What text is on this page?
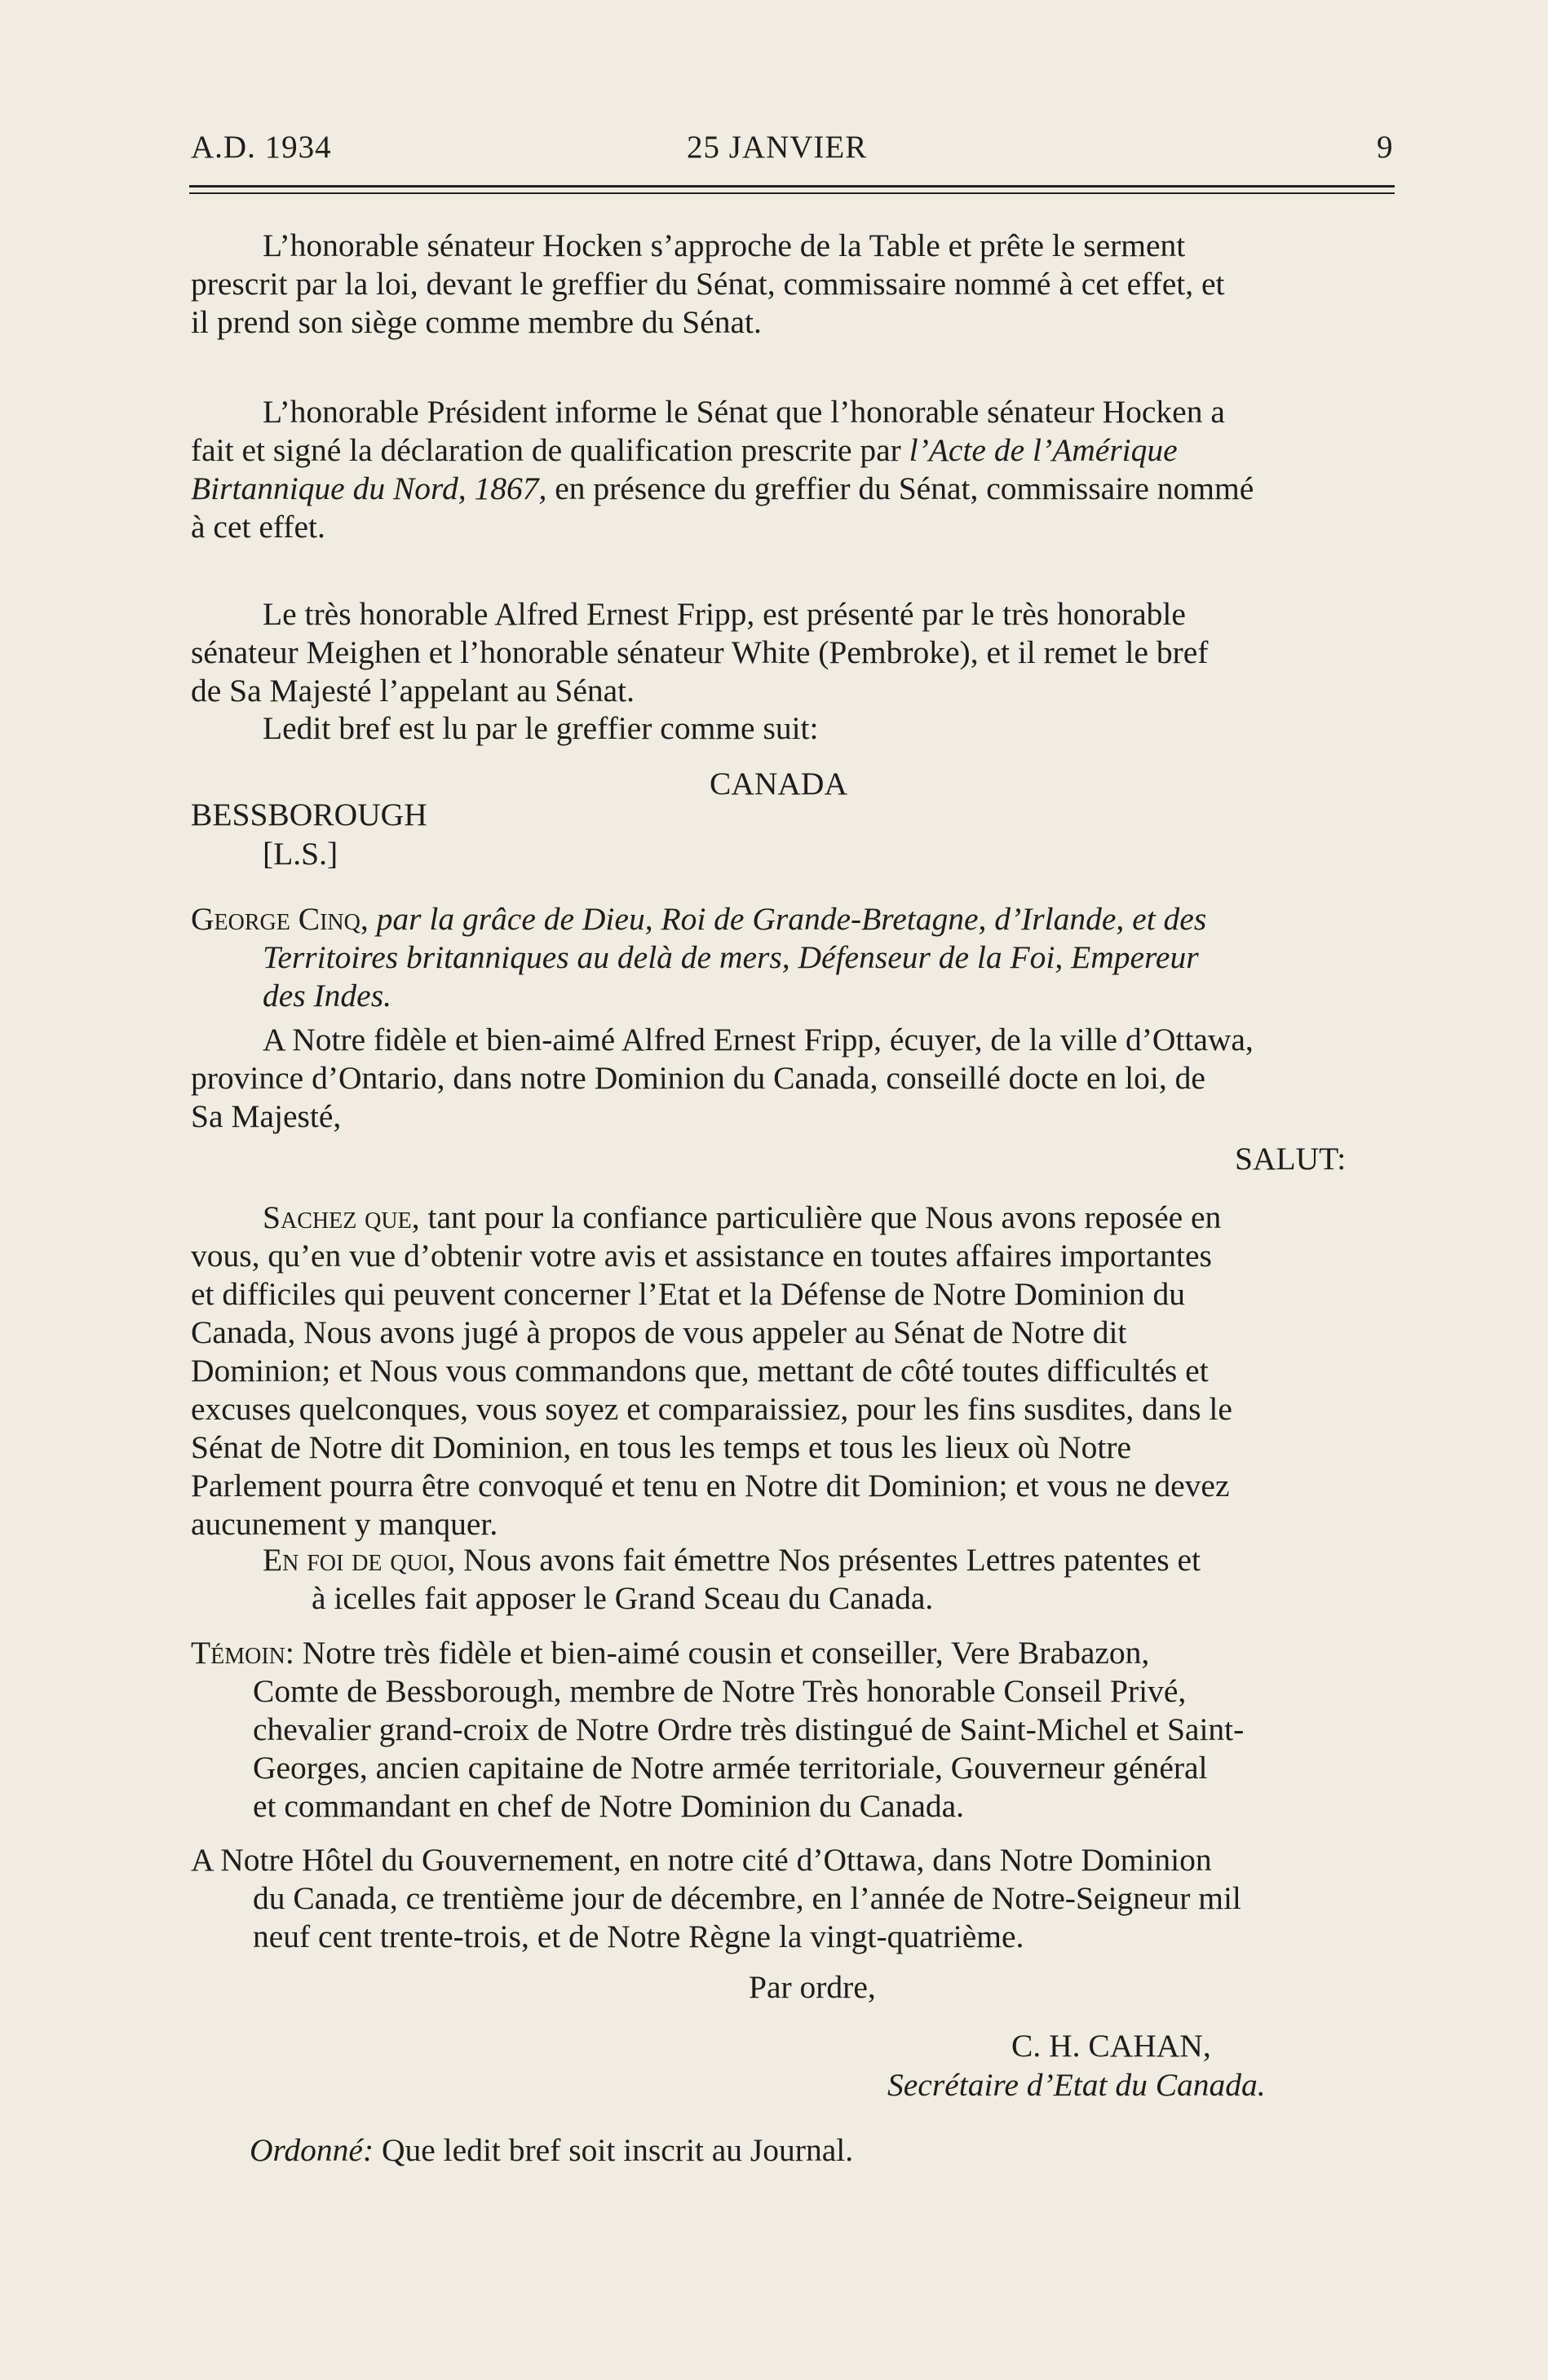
A.D. 1934	25 JANVIER	9
L’honorable sénateur Hocken s’approche de la Table et prête le serment
prescrit par la loi, devant le greffier du Sénat, commissaire nommé à cet effet, et
il prend son siège comme membre du Sénat.
L’honorable Président informe le Sénat que l’honorable sénateur Hocken a
fait et signé la déclaration de qualification prescrite par l’Acte de l’Amérique
Birtannique du Nord, 1867, en présence du greffier du Sénat, commissaire nommé
à cet effet.
Le très honorable Alfred Ernest Fripp, est présenté par le très honorable
sénateur Meighen et l’honorable sénateur White (Pembroke), et il remet le bref
de Sa Majesté l’appelant au Sénat.
Ledit bref est lu par le greffier comme suit:
CANADA
BESSBOROUGH
[L.S.]
George Cinq, par la grâce de Dieu, Roi de Grande-Bretagne, d’Irlande, et des
Territoires britanniques au delà de mers, Défenseur de la Foi, Empereur
des Indes.
A Notre fidèle et bien-aimé Alfred Ernest Fripp, écuyer, de la ville d’Ottawa,
province d’Ontario, dans notre Dominion du Canada, conseillé docte en loi, de
Sa Majesté,
SALUT:
Sachez que, tant pour la confiance particulière que Nous avons reposée en
vous, qu’en vue d’obtenir votre avis et assistance en toutes affaires importantes
et difficiles qui peuvent concerner l’Etat et la Défense de Notre Dominion du
Canada, Nous avons jugé à propos de vous appeler au Sénat de Notre dit
Dominion; et Nous vous commandons que, mettant de côté toutes difficultés et
excuses quelconques, vous soyez et comparaissiez, pour les fins susdites, dans le
Sénat de Notre dit Dominion, en tous les temps et tous les lieux où Notre
Parlement pourra être convoqué et tenu en Notre dit Dominion; et vous ne devez
aucunement y manquer.
En foi de quoi, Nous avons fait émettre Nos présentes Lettres patentes et
à icelles fait apposer le Grand Sceau du Canada.
Témoin: Notre très fidèle et bien-aimé cousin et conseiller, Vere Brabazon,
Comte de Bessborough, membre de Notre Très honorable Conseil Privé,
chevalier grand-croix de Notre Ordre très distingué de Saint-Michel et Saint-
Georges, ancien capitaine de Notre armée territoriale, Gouverneur général
et commandant en chef de Notre Dominion du Canada.
A Notre Hôtel du Gouvernement, en notre cité d’Ottawa, dans Notre Dominion
du Canada, ce trentième jour de décembre, en l’année de Notre-Seigneur mil
neuf cent trente-trois, et de Notre Règne la vingt-quatrième.
Par ordre,
C. H. CAHAN,
Secrétaire d’Etat du Canada.
Ordonné: Que ledit bref soit inscrit au Journal.
